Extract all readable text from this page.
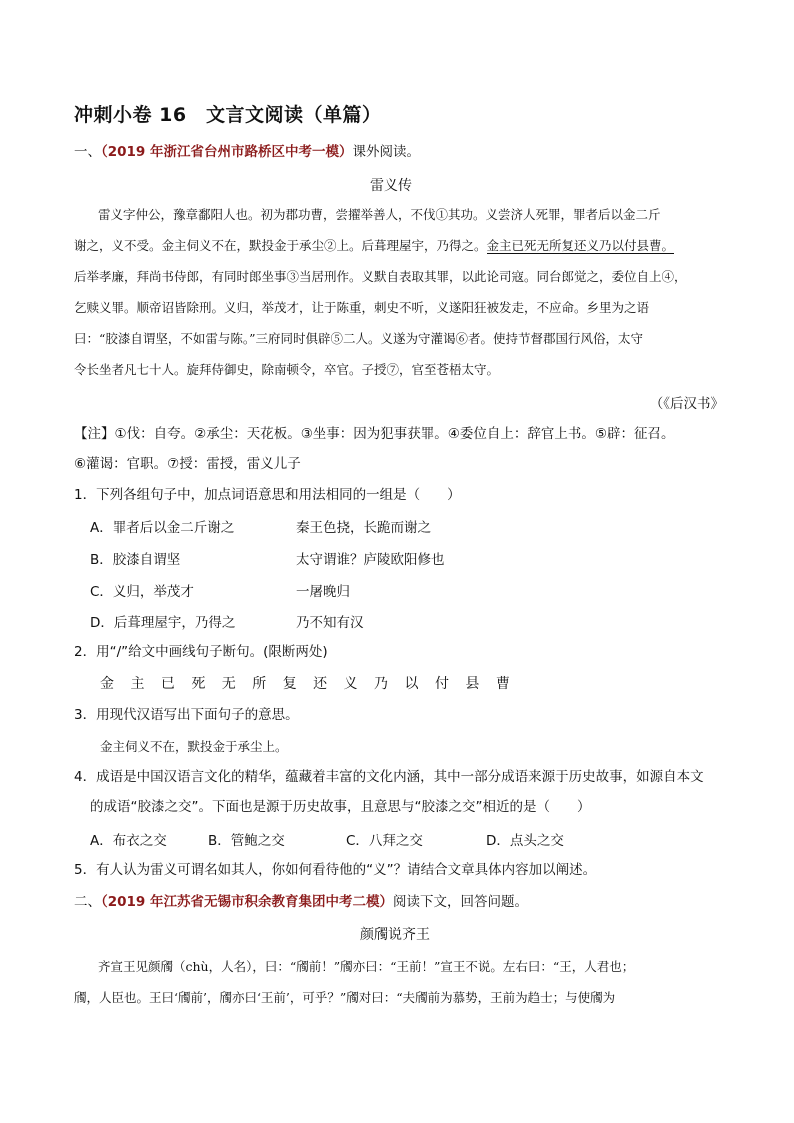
冲刺小卷 16　文言文阅读（单篇）
一、（2019 年浙江省台州市路桥区中考一模）课外阅读。
雷义传
雷义字仲公，豫章鄱阳人也。初为郡功曹，尝擢举善人，不伐①其功。义尝济人死罪，罪者后以金二斤
谢之，义不受。金主伺义不在，默投金于承尘②上。后葺理屋宇，乃得之。金主已死无所复还义乃以付县曹。
后举孝廉，拜尚书侍郎，有同时郎坐事③当居刑作。义默自表取其罪，以此论司寇。同台郎觉之，委位自上④，
乞赎义罪。顺帝诏皆除刑。义归，举茂才，让于陈重，刺史不听，义遂阳狂被发走，不应命。乡里为之语
曰：“胶漆自谓坚，不如雷与陈。”三府同时俱辟⑤二人。义遂为守灌谒⑥者。使持节督郡国行风俗，太守
令长坐者凡七十人。旋拜侍御史，除南顿令，卒官。子授⑦，官至苍梧太守。
（《后汉书》
【注】①伐：自夸。②承尘：天花板。③坐事：因为犯事获罪。④委位自上：辞官上书。⑤辟：征召。
⑥灌谒：官职。⑦授：雷授，雷义儿子
1．下列各组句子中，加点词语意思和用法相同的一组是（　　）
A．罪者后以金二斤谢之	秦王色挠，长跪而谢之
B．胶漆自谓坚	太守谓谁？庐陵欧阳修也
C．义归，举茂才	一屠晚归
D．后葺理屋宇，乃得之	乃不知有汉
2．用“/”给文中画线句子断句。(限断两处)
金 主 已 死 无 所 复 还 义 乃 以 付 县 曹
3．用现代汉语写出下面句子的意思。
金主伺义不在，默投金于承尘上。
4．成语是中国汉语言文化的精华，蕴藏着丰富的文化内涵，其中一部分成语来源于历史故事，如源自本文
的成语“胶漆之交”。下面也是源于历史故事，且意思与“胶漆之交”相近的是（　　）
A．布衣之交	B．管鲍之交	C．八拜之交	D．点头之交
5．有人认为雷义可谓名如其人，你如何看待他的“义”？请结合文章具体内容加以阐述。
二、（2019 年江苏省无锡市积余教育集团中考二模）阅读下文，回答问题。
颜斶说齐王
齐宣王见颜斶（chù，人名），曰：“斶前！”斶亦曰：“王前！”宣王不说。左右曰：“王，人君也；
斶，人臣也。王曰‘斶前’，斶亦曰‘王前’，可乎？”斶对曰：“夫斶前为慕势，王前为趋士；与使斶为
